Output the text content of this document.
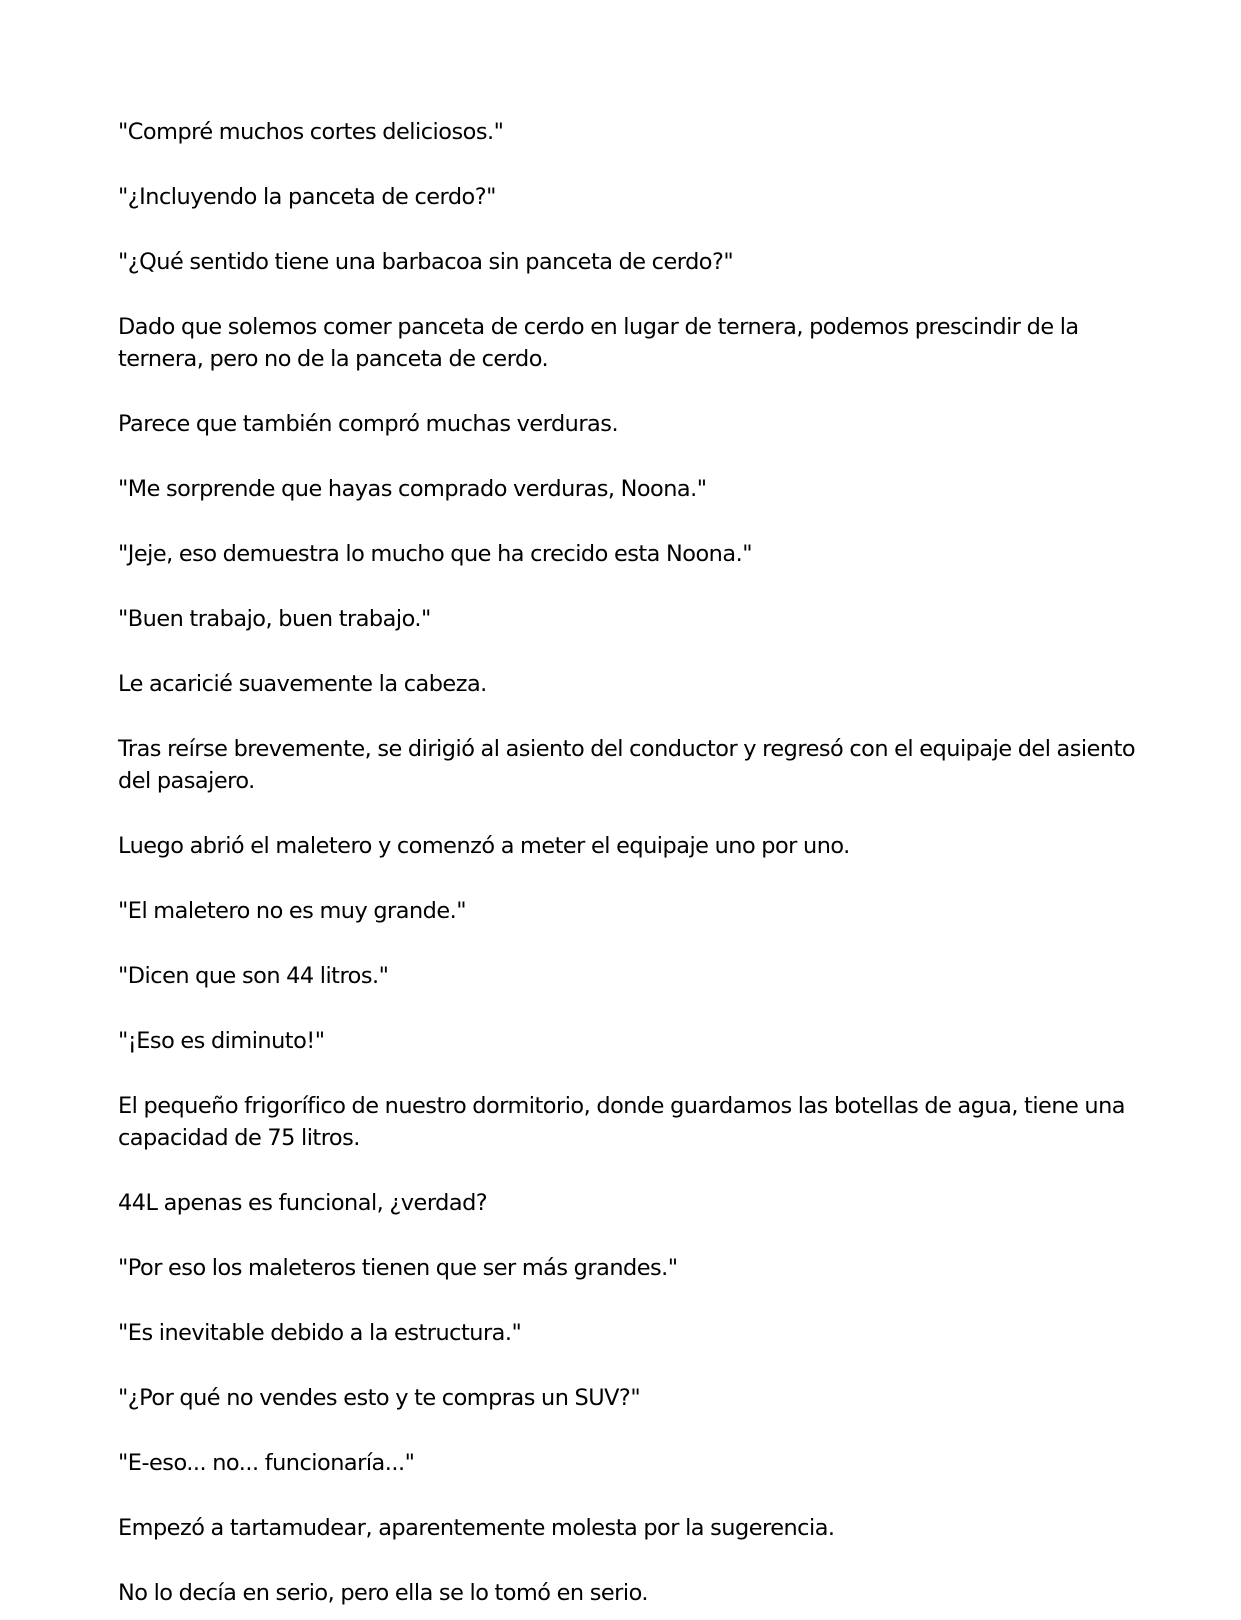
"Compré muchos cortes deliciosos."

"¿Incluyendo la panceta de cerdo?"

"¿Qué sentido tiene una barbacoa sin panceta de cerdo?"

Dado que solemos comer panceta de cerdo en lugar de ternera, podemos prescindir de la ternera, pero no de la panceta de cerdo.

Parece que también compró muchas verduras.

"Me sorprende que hayas comprado verduras, Noona."

"Jeje, eso demuestra lo mucho que ha crecido esta Noona."

"Buen trabajo, buen trabajo."

Le acaricié suavemente la cabeza.

Tras reírse brevemente, se dirigió al asiento del conductor y regresó con el equipaje del asiento del pasajero.

Luego abrió el maletero y comenzó a meter el equipaje uno por uno.

"El maletero no es muy grande."

"Dicen que son 44 litros."

"¡Eso es diminuto!"

El pequeño frigorífico de nuestro dormitorio, donde guardamos las botellas de agua, tiene una capacidad de 75 litros.

44L apenas es funcional, ¿verdad?

"Por eso los maleteros tienen que ser más grandes."

"Es inevitable debido a la estructura."

"¿Por qué no vendes esto y te compras un SUV?"

"E-eso... no... funcionaría..."

Empezó a tartamudear, aparentemente molesta por la sugerencia.

No lo decía en serio, pero ella se lo tomó en serio.
